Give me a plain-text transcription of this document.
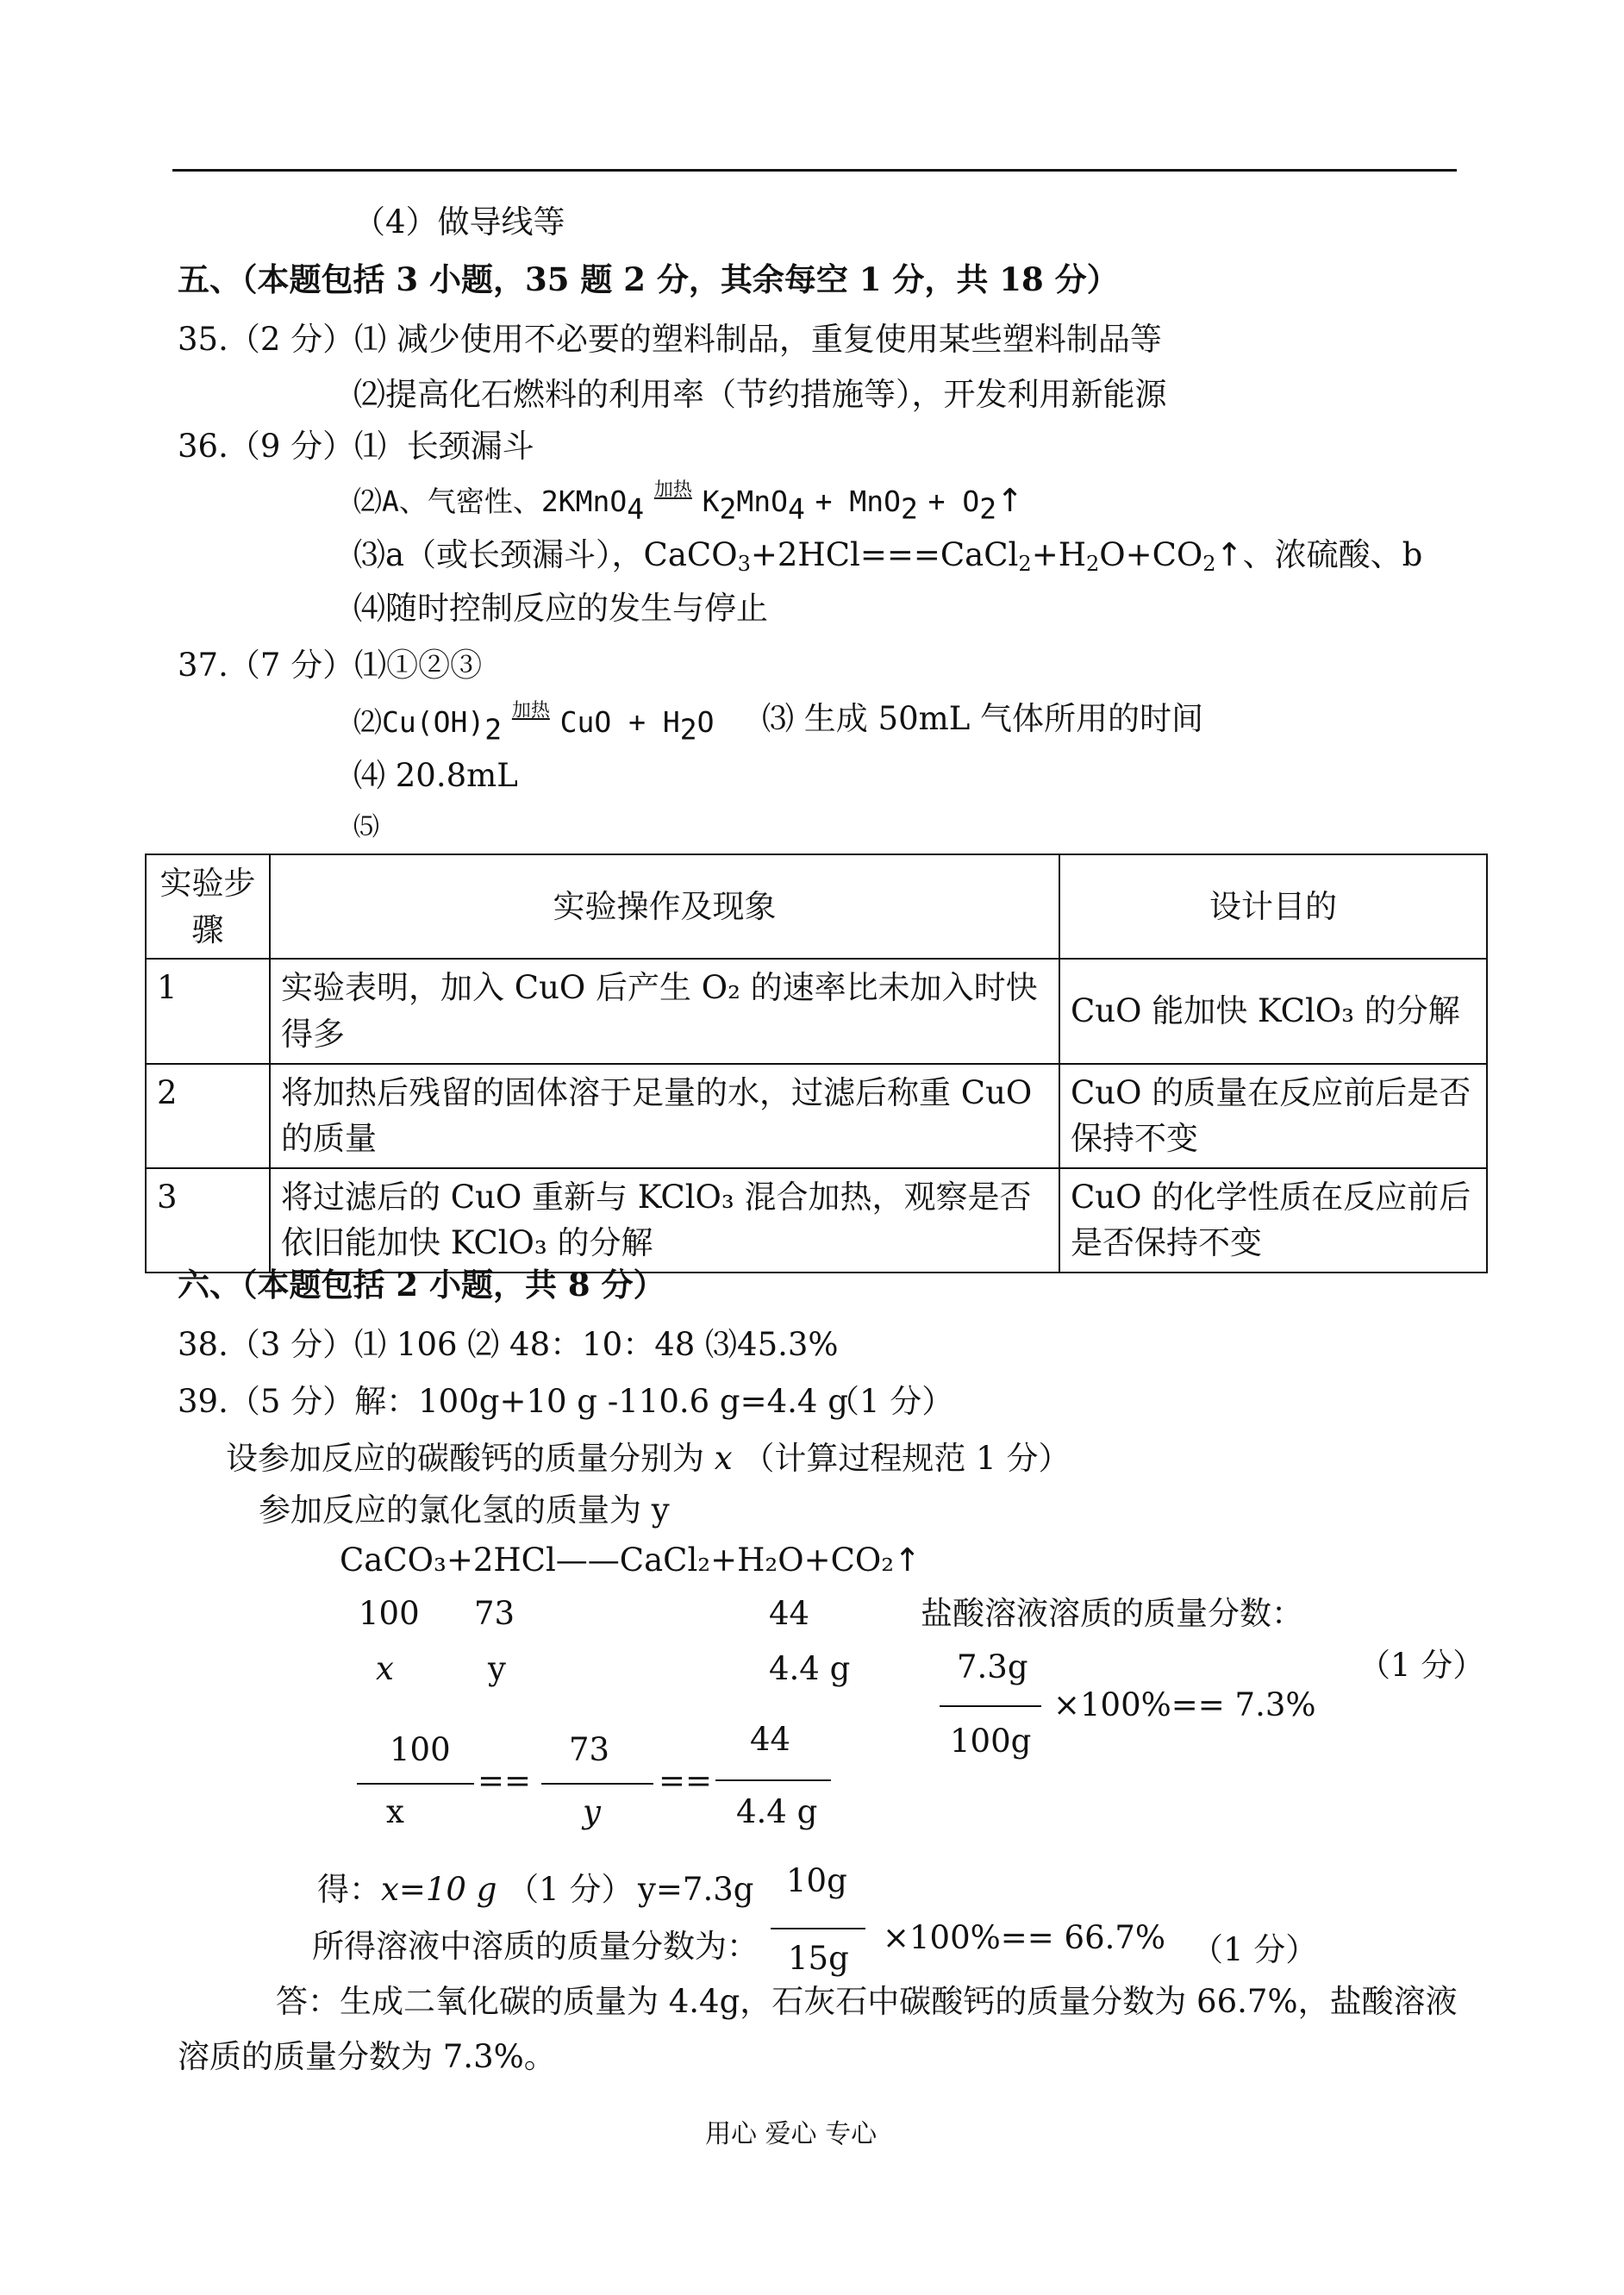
（4）做导线等
五、（本题包括 3 小题，35 题 2 分，其余每空 1 分，共 18 分）
35.（2 分）⑴ 减少使用不必要的塑料制品，重复使用某些塑料制品等
⑵提高化石燃料的利用率（节约措施等），开发利用新能源
36.（9 分）⑴ 长颈漏斗
⑵A、气密性、2KMnO$_4$ $^{加热}$ $K_2MnO_4 + MnO_2$ + $O_2↑$
⑶a（或长颈漏斗），$CaCO_3+2HCl===CaCl_2+H_2O+CO_2↑$、浓硫酸、b
⑷随时控制反应的发生与停止
37.（7 分）⑴①②③
$⑵Cu(OH)_2$ $^{加热}$ CuO + $H_2O$ ⑶ 生成 50mL 气体所用的时间
⑷ 20.8mL
⑸
实验步骤	实验操作及现象	设计目的
1	实验表明，加入 CuO 后产生 O₂ 的速率比未加入时快得多	CuO 能加快 KClO₃ 的分解
2	将加热后残留的固体溶于足量的水，过滤后称重 CuO 的质量	CuO 的质量在反应前后是否保持不变
3	将过滤后的 CuO 重新与 KClO₃ 混合加热，观察是否依旧能加快 KClO₃ 的分解	CuO 的化学性质在反应前后是否保持不变
六、（本题包括 2 小题，共 8 分）
38.（3 分）⑴ 106 ⑵ 48：10：48 ⑶45.3%
39.（5 分）解：100g+10 g -110.6 g=4.4 g
（1 分）
设参加反应的碳酸钙的质量分别为 x （计算过程规范 1 分）
参加反应的氯化氢的质量为 y
CaCO₃+2HCl——CaCl₂+H₂O+CO₂↑
100 73	44	盐酸溶液溶质的质量分数：
x	y	4.4 g	7.3g
100g
×100%== 7.3%
（1 分）
100
x
==
73
y
==
44
4.4 g
得：x=10 g （1 分） y=7.3g 10g
15g
所得溶液中溶质的质量分数为：	×100%== 66.7% （1 分）
答：生成二氧化碳的质量为 4.4g，石灰石中碳酸钙的质量分数为 66.7%，盐酸溶液
溶质的质量分数为 7.3%。
用心 爱心 专心
